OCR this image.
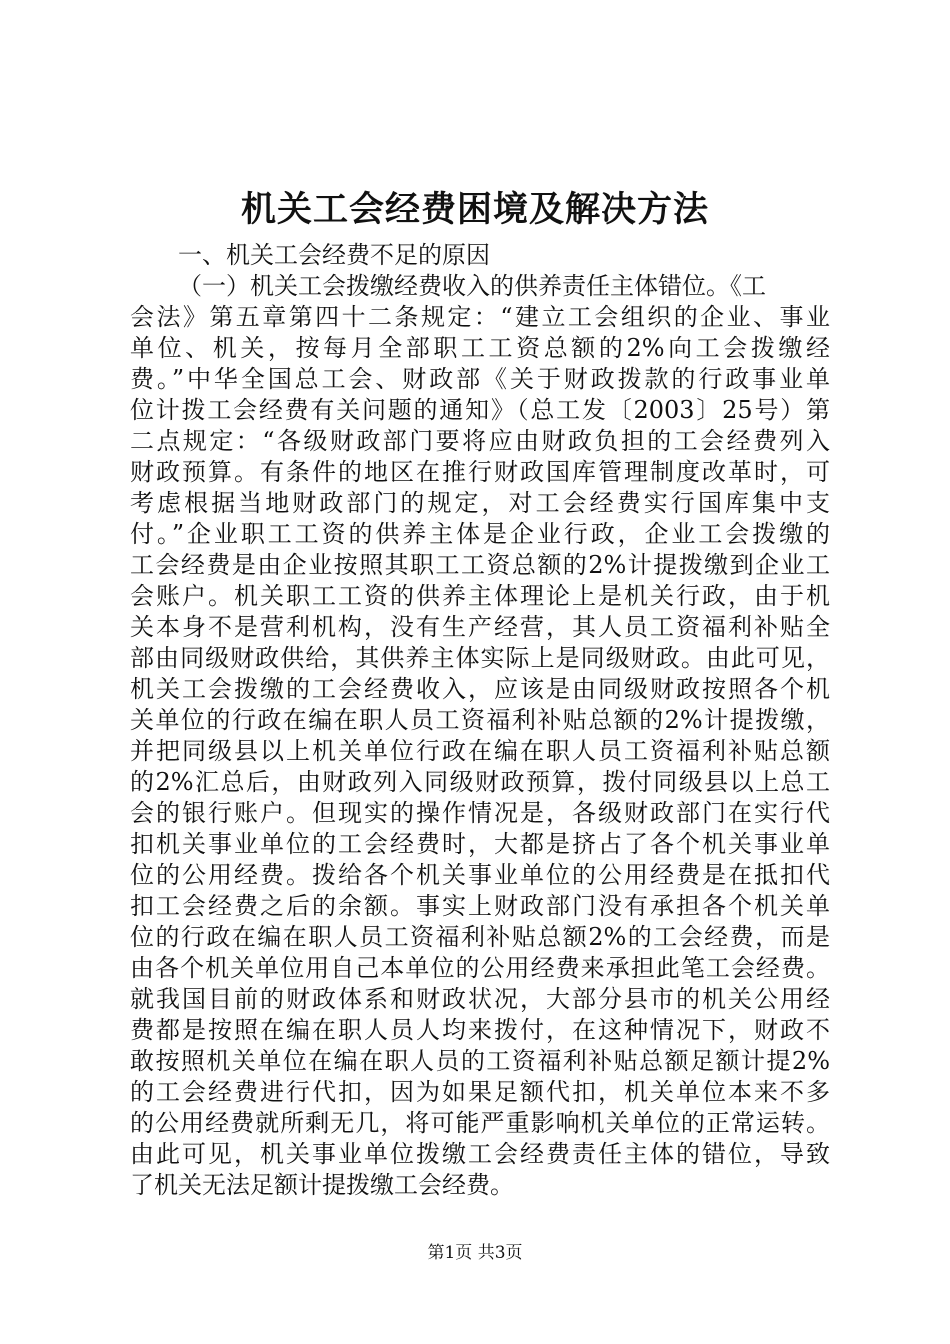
机关工会经费困境及解决方法
一、机关工会经费不足的原因
（一）机关工会拨缴经费收入的供养责任主体错位。《工
会法》第五章第四十二条规定：“建立工会组织的企业、事业
单位、机关，按每月全部职工工资总额的2%向工会拨缴经
费。”中华全国总工会、财政部《关于财政拨款的行政事业单
位计拨工会经费有关问题的通知》（总工发〔2003〕25号）第
二点规定：“各级财政部门要将应由财政负担的工会经费列入
财政预算。有条件的地区在推行财政国库管理制度改革时，可
考虑根据当地财政部门的规定，对工会经费实行国库集中支
付。”企业职工工资的供养主体是企业行政，企业工会拨缴的
工会经费是由企业按照其职工工资总额的2%计提拨缴到企业工
会账户。机关职工工资的供养主体理论上是机关行政，由于机
关本身不是营利机构，没有生产经营，其人员工资福利补贴全
部由同级财政供给，其供养主体实际上是同级财政。由此可见，
机关工会拨缴的工会经费收入，应该是由同级财政按照各个机
关单位的行政在编在职人员工资福利补贴总额的2%计提拨缴，
并把同级县以上机关单位行政在编在职人员工资福利补贴总额
的2%汇总后，由财政列入同级财政预算，拨付同级县以上总工
会的银行账户。但现实的操作情况是，各级财政部门在实行代
扣机关事业单位的工会经费时，大都是挤占了各个机关事业单
位的公用经费。拨给各个机关事业单位的公用经费是在抵扣代
扣工会经费之后的余额。事实上财政部门没有承担各个机关单
位的行政在编在职人员工资福利补贴总额2%的工会经费，而是
由各个机关单位用自己本单位的公用经费来承担此笔工会经费。
就我国目前的财政体系和财政状况，大部分县市的机关公用经
费都是按照在编在职人员人均来拨付，在这种情况下，财政不
敢按照机关单位在编在职人员的工资福利补贴总额足额计提2%
的工会经费进行代扣，因为如果足额代扣，机关单位本来不多
的公用经费就所剩无几，将可能严重影响机关单位的正常运转。
由此可见，机关事业单位拨缴工会经费责任主体的错位，导致
了机关无法足额计提拨缴工会经费。
第1页 共3页
